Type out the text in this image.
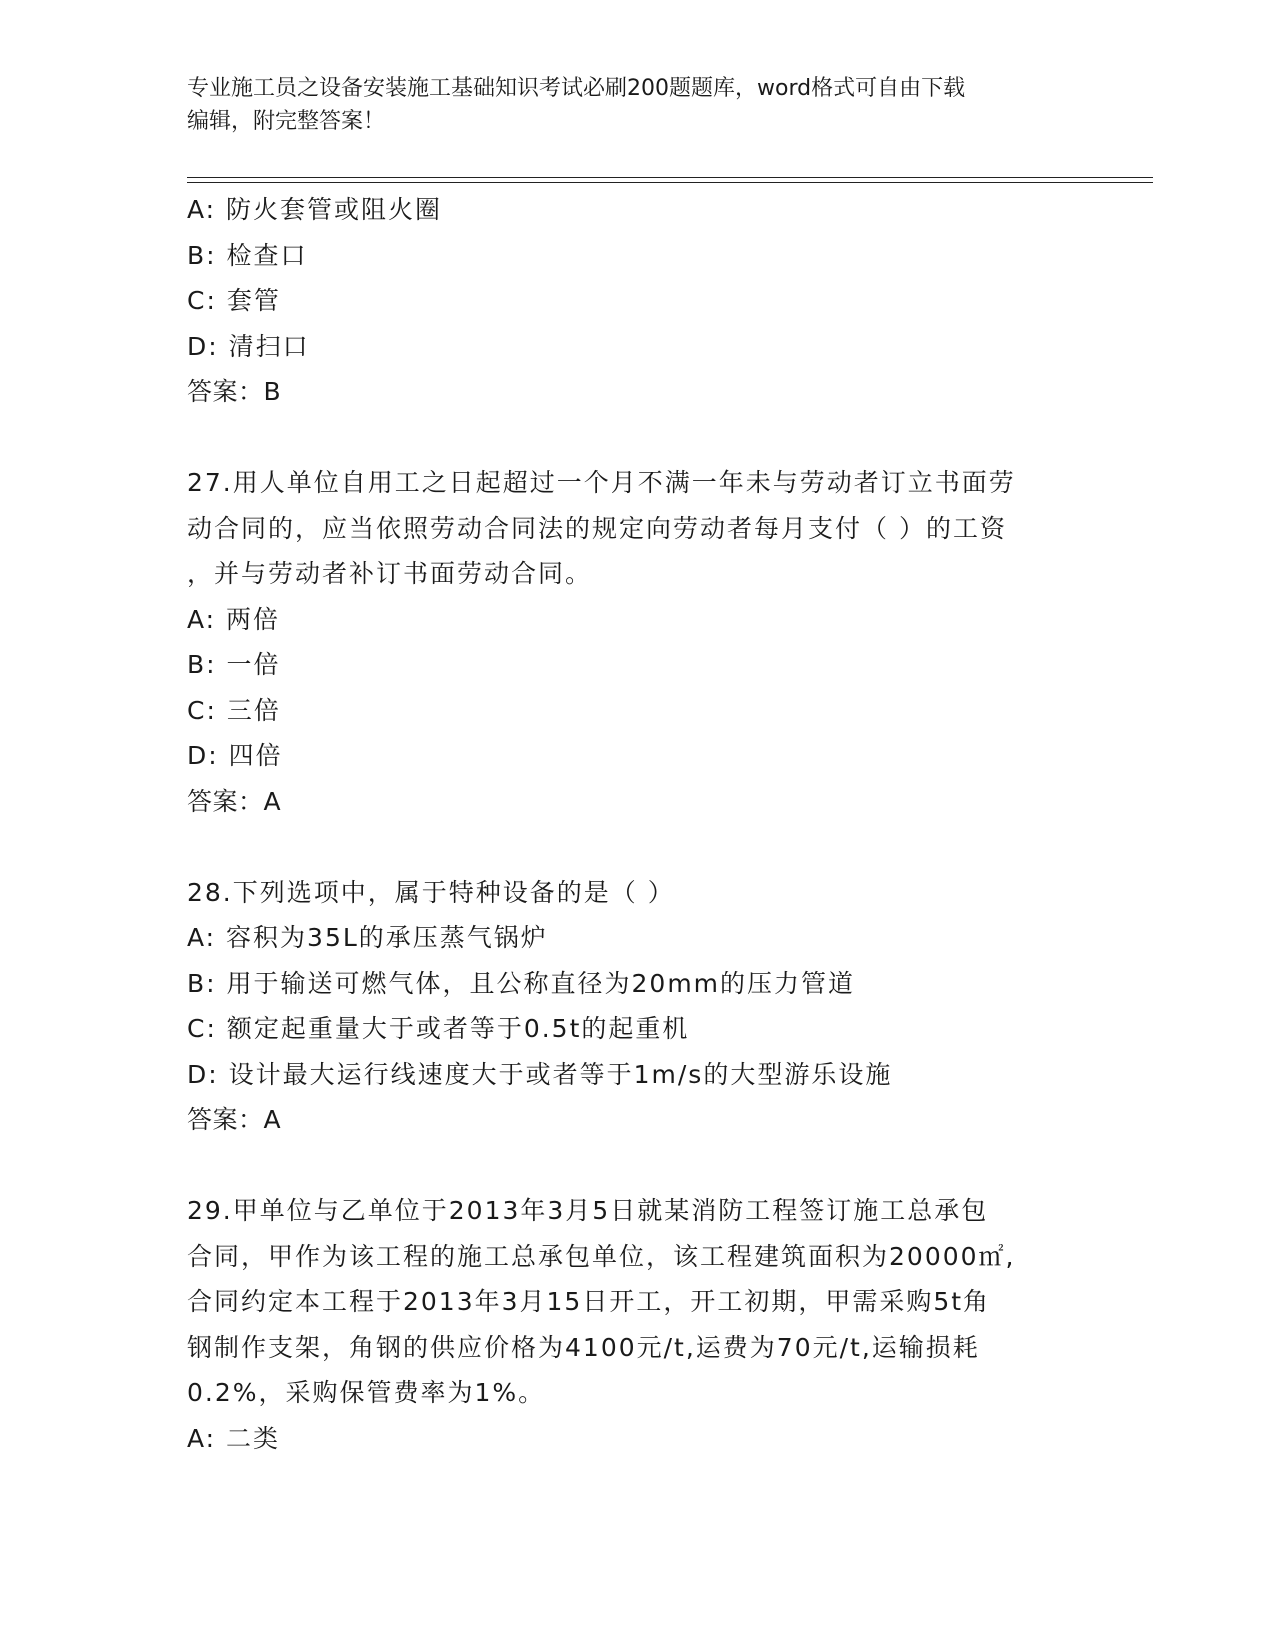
专业施工员之设备安装施工基础知识考试必刷200题题库，word格式可自由下载
编辑，附完整答案！
A: 防火套管或阻火圈
B: 检查口
C: 套管
D: 清扫口
答案：B
27.用人单位自用工之日起超过一个月不满一年未与劳动者订立书面劳
动合同的，应当依照劳动合同法的规定向劳动者每月支付（ ）的工资
，并与劳动者补订书面劳动合同。
A: 两倍
B: 一倍
C: 三倍
D: 四倍
答案：A
28.下列选项中，属于特种设备的是（ ）
A: 容积为35L的承压蒸气锅炉
B: 用于输送可燃气体，且公称直径为20mm的压力管道
C: 额定起重量大于或者等于0.5t的起重机
D: 设计最大运行线速度大于或者等于1m/s的大型游乐设施
答案：A
29.甲单位与乙单位于2013年3月5日就某消防工程签订施工总承包
合同，甲作为该工程的施工总承包单位，该工程建筑面积为20000㎡,
合同约定本工程于2013年3月15日开工，开工初期，甲需采购5t角
钢制作支架，角钢的供应价格为4100元/t,运费为70元/t,运输损耗
0.2%，采购保管费率为1%。
A: 二类
